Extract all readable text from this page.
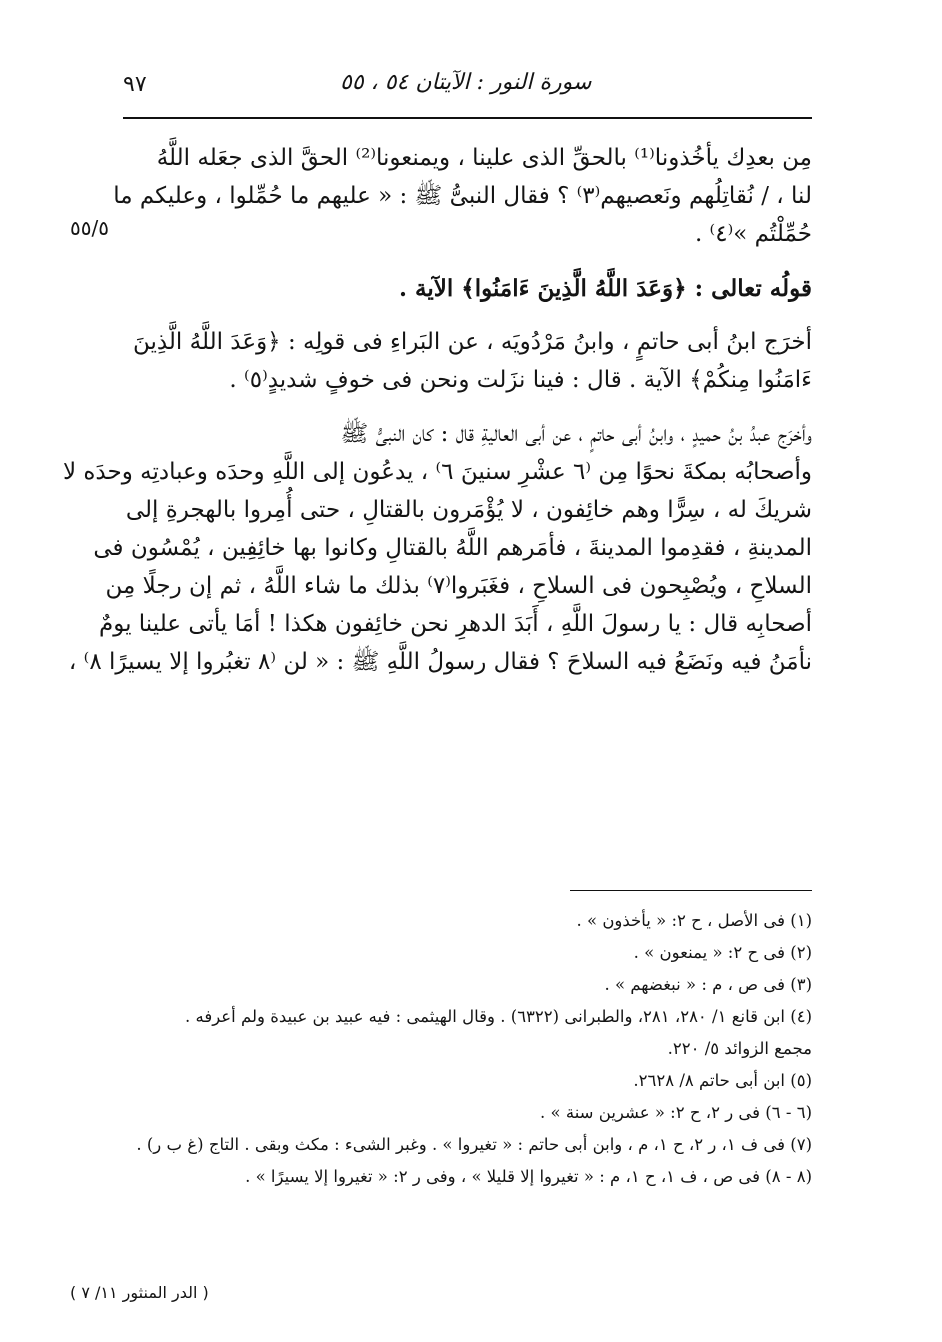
٩٧	سورة النور : الآيتان ٥٤ ، ٥٥
٥٥/٥
مِن بعدِك يأخُذونا⁽¹⁾ بالحقِّ الذى علينا ، ويمنعونا⁽²⁾ الحقَّ الذى جعَله اللَّهُ
لنا ، / نُقاتِلُهم ونَعصيهم⁽٣⁾ ؟ فقال النبىُّ ﷺ : « عليهم ما حُمِّلوا ، وعليكم ما
حُمِّلْتُم »⁽٤⁾ .
قولُه تعالى : ﴿وَعَدَ اللَّهُ الَّذِينَ ءَامَنُوا﴾ الآية .
أخرَج ابنُ أبى حاتمٍ ، وابنُ مَرْدُويَه ، عن البَراءِ فى قولِه : ﴿وَعَدَ اللَّهُ الَّذِينَ
ءَامَنُوا مِنكُمْ﴾ الآية . قال : فينا نزَلت ونحن فى خوفٍ شديدٍ⁽٥⁾ .
وأخرَج عبدُ بنُ حميدٍ ، وابنُ أبى حاتمٍ ، عن أبى العاليةِ قال : كان النبىُّ ﷺ
وأصحابُه بمكةَ نحوًا مِن ⁽٦ عشْرِ سنينَ ٦⁾ ، يدعُون إلى اللَّهِ وحدَه وعبادتِه وحدَه لا
شريكَ له ، سِرًّا وهم خائِفون ، لا يُؤْمَرون بالقتالِ ، حتى أُمِروا بالهجرةِ إلى
المدينةِ ، فقدِموا المدينةَ ، فأمَرهم اللَّهُ بالقتالِ وكانوا بها خائِفِين ، يُمْسُون فى
السلاحِ ، ويُصْبِحون فى السلاحِ ، فغَبَروا⁽٧⁾ بذلك ما شاء اللَّهُ ، ثم إن رجلًا مِن
أصحابِه قال : يا رسولَ اللَّهِ ، أَبَدَ الدهرِ نحن خائِفون هكذا ! أمَا يأتى علينا يومٌ
نأمَنُ فيه ونَضَعُ فيه السلاحَ ؟ فقال رسولُ اللَّهِ ﷺ : « لن ⁽٨ تغبُروا إلا يسيرًا ٨⁾ ،
(١) فى الأصل ، ح ٢: « يأخذون » .
(٢) فى ح ٢: « يمنعون » .
(٣) فى ص ، م : « نبغضهم » .
(٤) ابن قانع ١/ ٢٨٠، ٢٨١، والطبرانى (٦٣٢٢) . وقال الهيثمى : فيه عبيد بن عبيدة ولم أعرفه .
مجمع الزوائد ٥/ ٢٢٠.
(٥) ابن أبى حاتم ٨/ ٢٦٢٨.
(٦ - ٦) فى ر ٢، ح ٢: « عشرين سنة » .
(٧) فى ف ١، ر ٢، ح ١، م ، وابن أبى حاتم : « تغيروا » . وغبر الشىء : مكث وبقى . التاج (غ ب ر) .
(٨ - ٨) فى ص ، ف ١، ح ١، م : « تغيروا إلا قليلا » ، وفى ر ٢: « تغيروا إلا يسيرًا » .
( الدر المنثور ١١/ ٧ )
